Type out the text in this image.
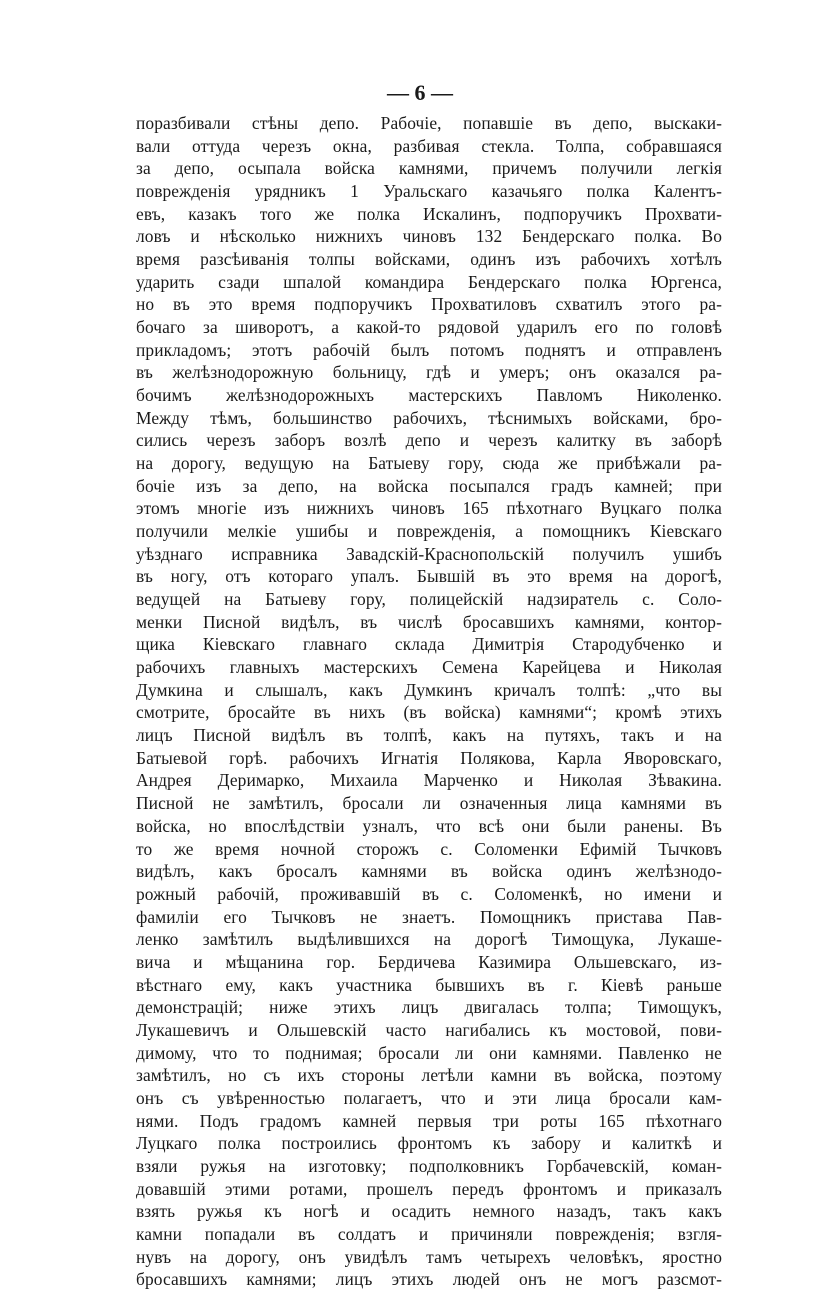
— 6 —
поразбивали стѣны депо. Рабочіе, попавшіе въ депо, выскаки-
вали оттуда черезъ окна, разбивая стекла. Толпа, собравшаяся
за депо, осыпала войска камнями, причемъ получили легкія
поврежденія урядникъ 1 Уральскаго казачьяго полка Калентъ-
евъ, казакъ того же полка Искалинъ, подпоручикъ Прохвати-
ловъ и нѣсколько нижнихъ чиновъ 132 Бендерскаго полка. Во
время разсѣиванія толпы войсками, одинъ изъ рабочихъ хотѣлъ
ударить сзади шпалой командира Бендерскаго полка Юргенса,
но въ это время подпоручикъ Прохватиловъ схватилъ этого ра-
бочаго за шиворотъ, а какой-то рядовой ударилъ его по головѣ
прикладомъ; этотъ рабочій былъ потомъ поднятъ и отправленъ
въ желѣзнодорожную больницу, гдѣ и умеръ; онъ оказался ра-
бочимъ желѣзнодорожныхъ мастерскихъ Павломъ Николенко.
Между тѣмъ, большинство рабочихъ, тѣснимыхъ войсками, бро-
сились черезъ заборъ возлѣ депо и черезъ калитку въ заборѣ
на дорогу, ведущую на Батыеву гору, сюда же прибѣжали ра-
бочіе изъ за депо, на войска посыпался градъ камней; при
этомъ многіе изъ нижнихъ чиновъ 165 пѣхотнаго Вуцкаго полка
получили мелкіе ушибы и поврежденія, а помощникъ Кіевскаго
уѣзднаго исправника Завадскій-Краснопольскій получилъ ушибъ
въ ногу, отъ котораго упалъ. Бывшій въ это время на дорогѣ,
ведущей на Батыеву гору, полицейскій надзиратель с. Соло-
менки Писной видѣлъ, въ числѣ бросавшихъ камнями, контор-
щика Кіевскаго главнаго склада Димитрія Стародубченко и
рабочихъ главныхъ мастерскихъ Семена Карейцева и Николая
Думкина и слышалъ, какъ Думкинъ кричалъ толпѣ: „что вы
смотрите, бросайте въ нихъ (въ войска) камнями“; кромѣ этихъ
лицъ Писной видѣлъ въ толпѣ, какъ на путяхъ, такъ и на
Батыевой горѣ. рабочихъ Игнатія Полякова, Карла Яворовскаго,
Андрея Деримарко, Михаила Марченко и Николая Зѣвакина.
Писной не замѣтилъ, бросали ли означенныя лица камнями въ
войска, но впослѣдствіи узналъ, что всѣ они были ранены. Въ
то же время ночной сторожъ с. Соломенки Ефимій Тычковъ
видѣлъ, какъ бросалъ камнями въ войска одинъ желѣзнодо-
рожный рабочій, проживавшій въ с. Соломенкѣ, но имени и
фамиліи его Тычковъ не знаетъ. Помощникъ пристава Пав-
ленко замѣтилъ выдѣлившихся на дорогѣ Тимощука, Лукаше-
вича и мѣщанина гор. Бердичева Казимира Ольшевскаго, из-
вѣстнаго ему, какъ участника бывшихъ въ г. Кіевѣ раньше
демонстрацій; ниже этихъ лицъ двигалась толпа; Тимощукъ,
Лукашевичъ и Ольшевскій часто нагибались къ мостовой, пови-
димому, что то поднимая; бросали ли они камнями. Павленко не
замѣтилъ, но съ ихъ стороны летѣли камни въ войска, поэтому
онъ съ увѣренностью полагаетъ, что и эти лица бросали кам-
нями. Подъ градомъ камней первыя три роты 165 пѣхотнаго
Луцкаго полка построились фронтомъ къ забору и калиткѣ и
взяли ружья на изготовку; подполковникъ Горбачевскій, коман-
довавшій этими ротами, прошелъ передъ фронтомъ и приказалъ
взять ружья къ ногѣ и осадить немного назадъ, такъ какъ
камни попадали въ солдатъ и причиняли поврежденія; взгля-
нувъ на дорогу, онъ увидѣлъ тамъ четырехъ человѣкъ, яростно
бросавшихъ камнями; лицъ этихъ людей онъ не могъ разсмот-
